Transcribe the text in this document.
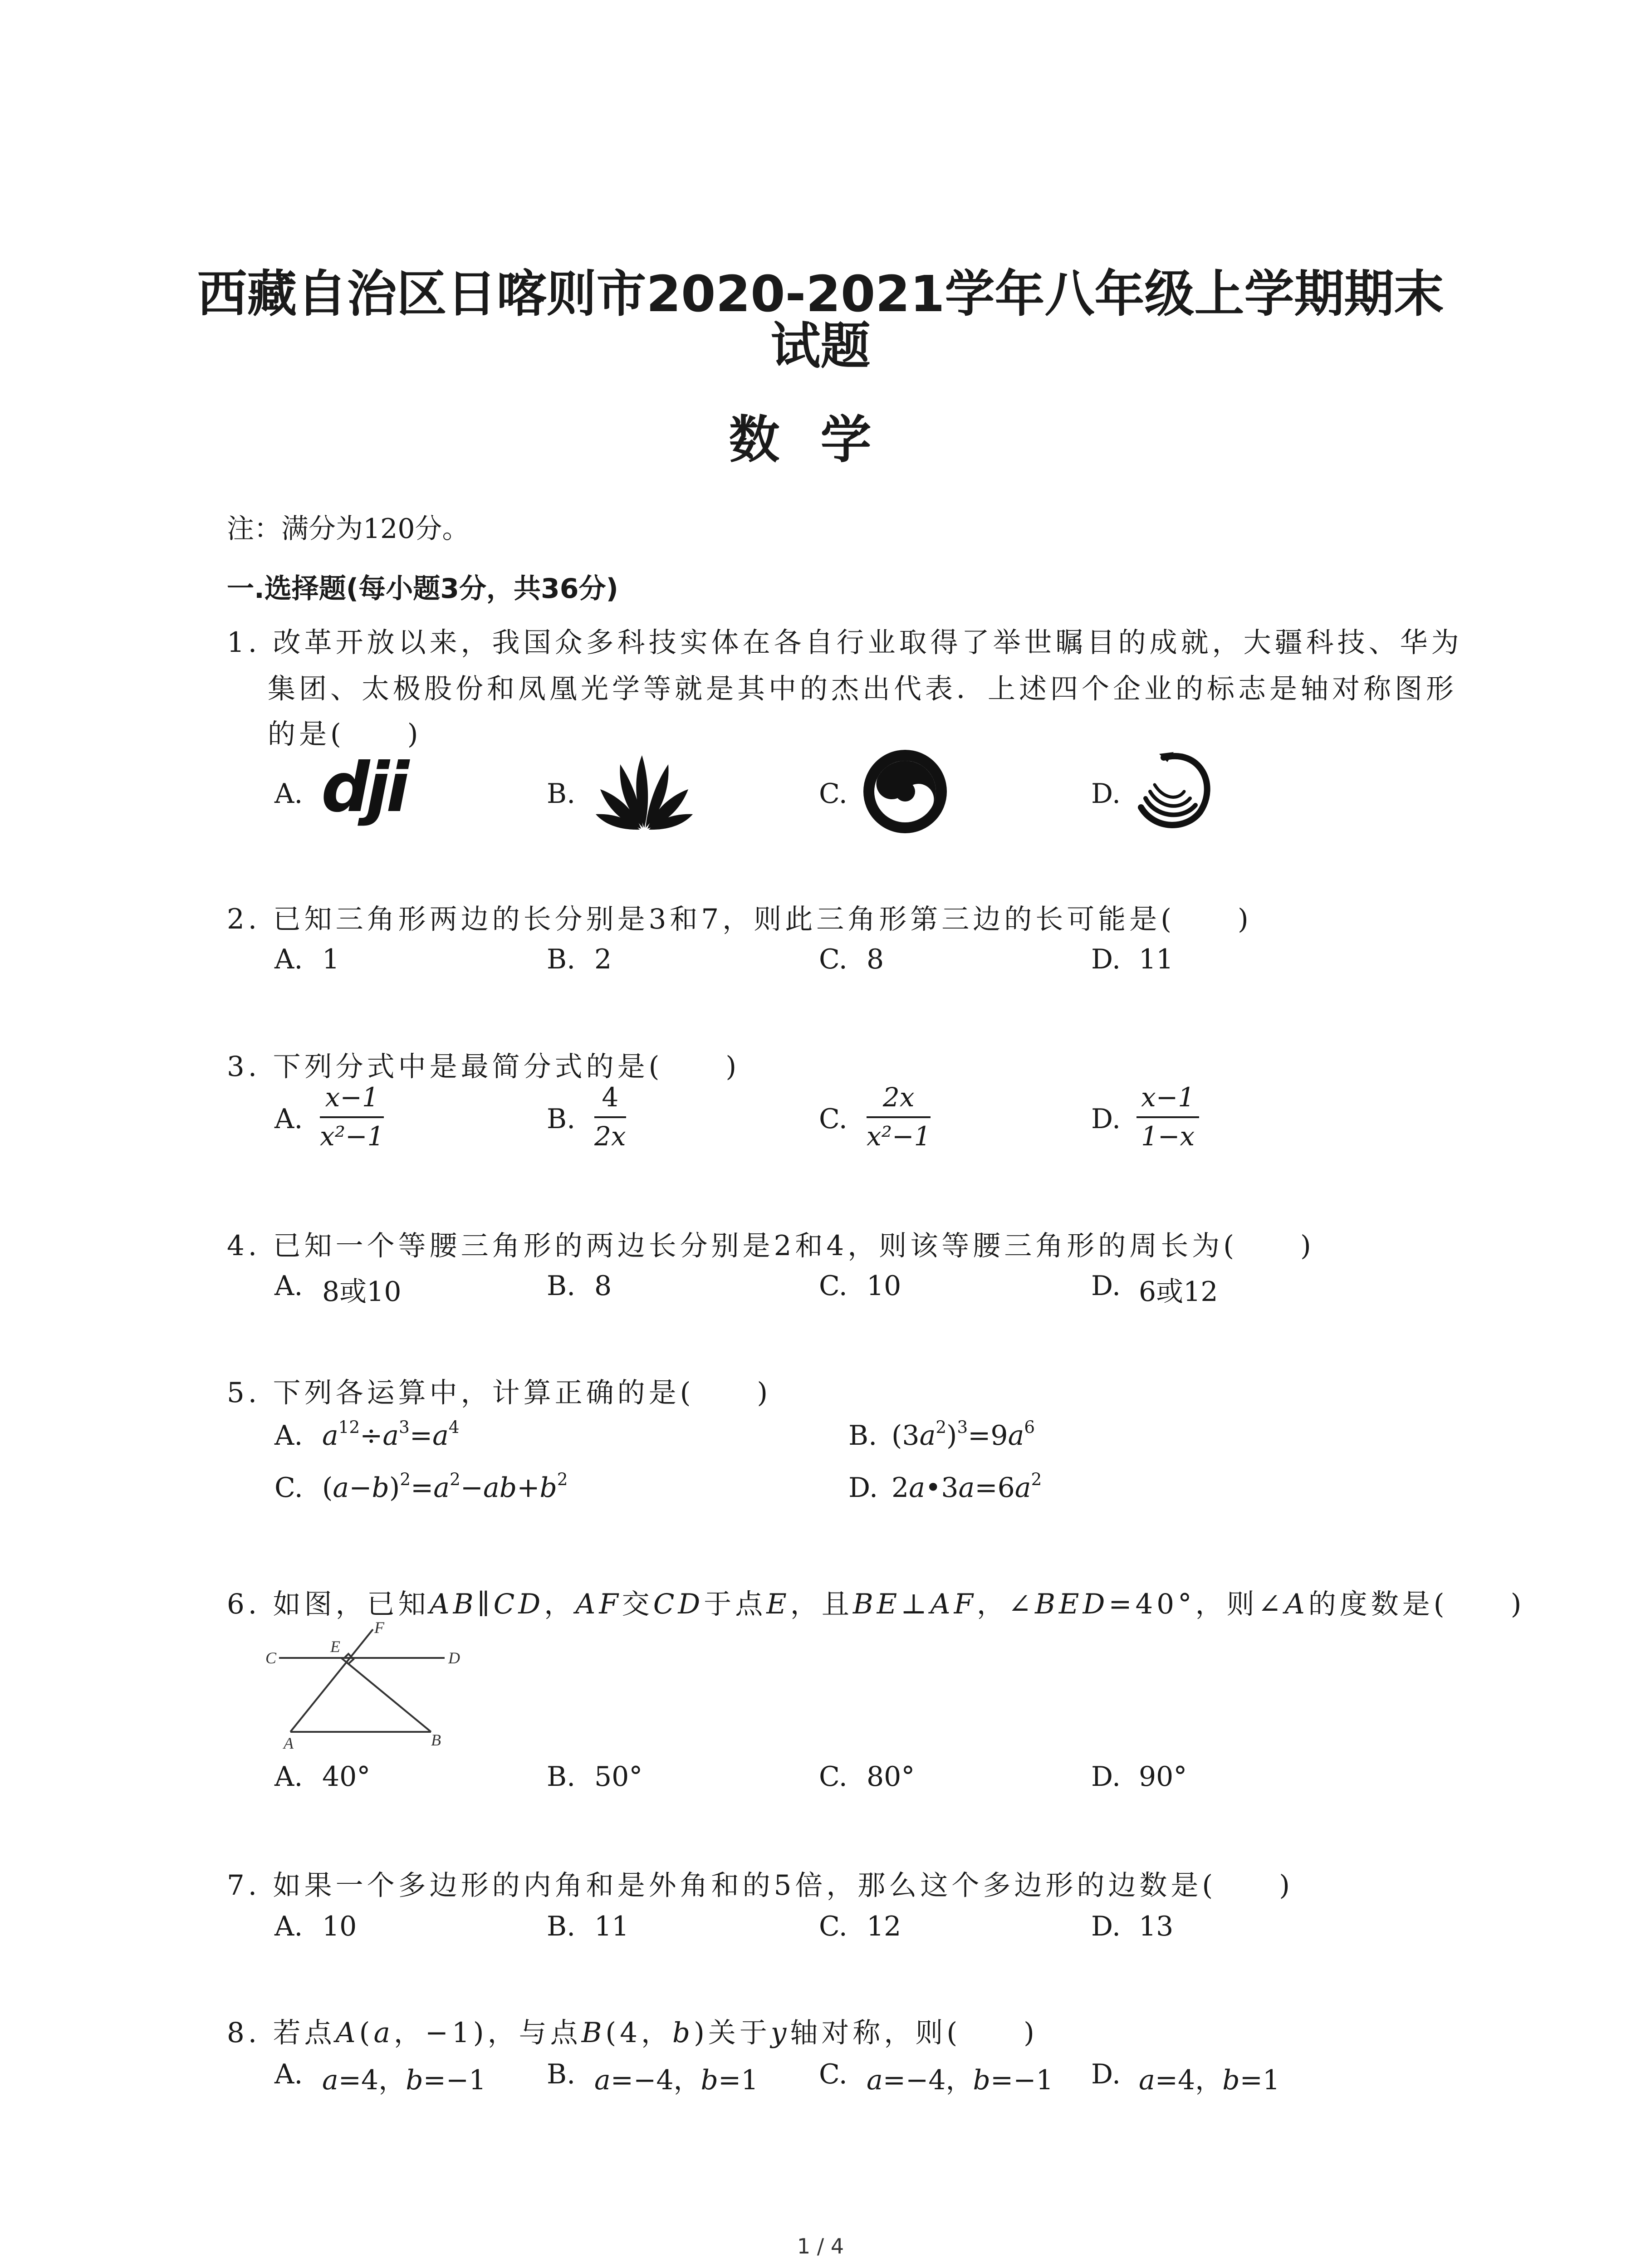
西藏自治区日喀则市2020-2021学年八年级上学期期末
试题
数学
注：满分为120分。
一.选择题(每小题3分，共36分)
1. 改革开放以来，我国众多科技实体在各自行业取得了举世瞩目的成就，大疆科技、华为
集团、太极股份和凤凰光学等就是其中的杰出代表．上述四个企业的标志是轴对称图形
的是(　　)
A. dji	B.	C.	D.
2. 已知三角形两边的长分别是3和7，则此三角形第三边的长可能是(　　)
A. 1	B. 2	C. 8	D. 11
3. 下列分式中是最简分式的是(　　)
A. $\frac{x-1}{\text{x²−1}}$	B. $\frac{4}{2x}$	C. $\frac{2x}{\text{x²−1}}$	D. $\frac{x-1}{1-x}$
4. 已知一个等腰三角形的两边长分别是2和4，则该等腰三角形的周长为(　　)
A. 8或10	B. 8	C. 10	D. 6或12
5. 下列各运算中，计算正确的是(　　)
A. $a^{12}\div a^3=a^4$	B. $(3a^2)^3=9a^6$
C. $(a-b)^2=a^2-ab+b^2$	D. $2a•3a=6a^2$
6. 如图，已知AB∥CD，AF交CD于点E，且BE⊥AF，∠BED=40°，则∠A的度数是(　　)
C
E
F
D
A	B
A. 40°	B. 50°	C. 80°	D. 90°
7. 如果一个多边形的内角和是外角和的5倍，那么这个多边形的边数是(　　)
A. 10	B. 11	C. 12	D. 13
8. 若点A(a，−1)，与点B(4，b)关于y轴对称，则(　　)
A. a=4，b=−1 B. a=−4，b=1 C. a=−4，b=−1 D. a=4，b=1
1 / 4
